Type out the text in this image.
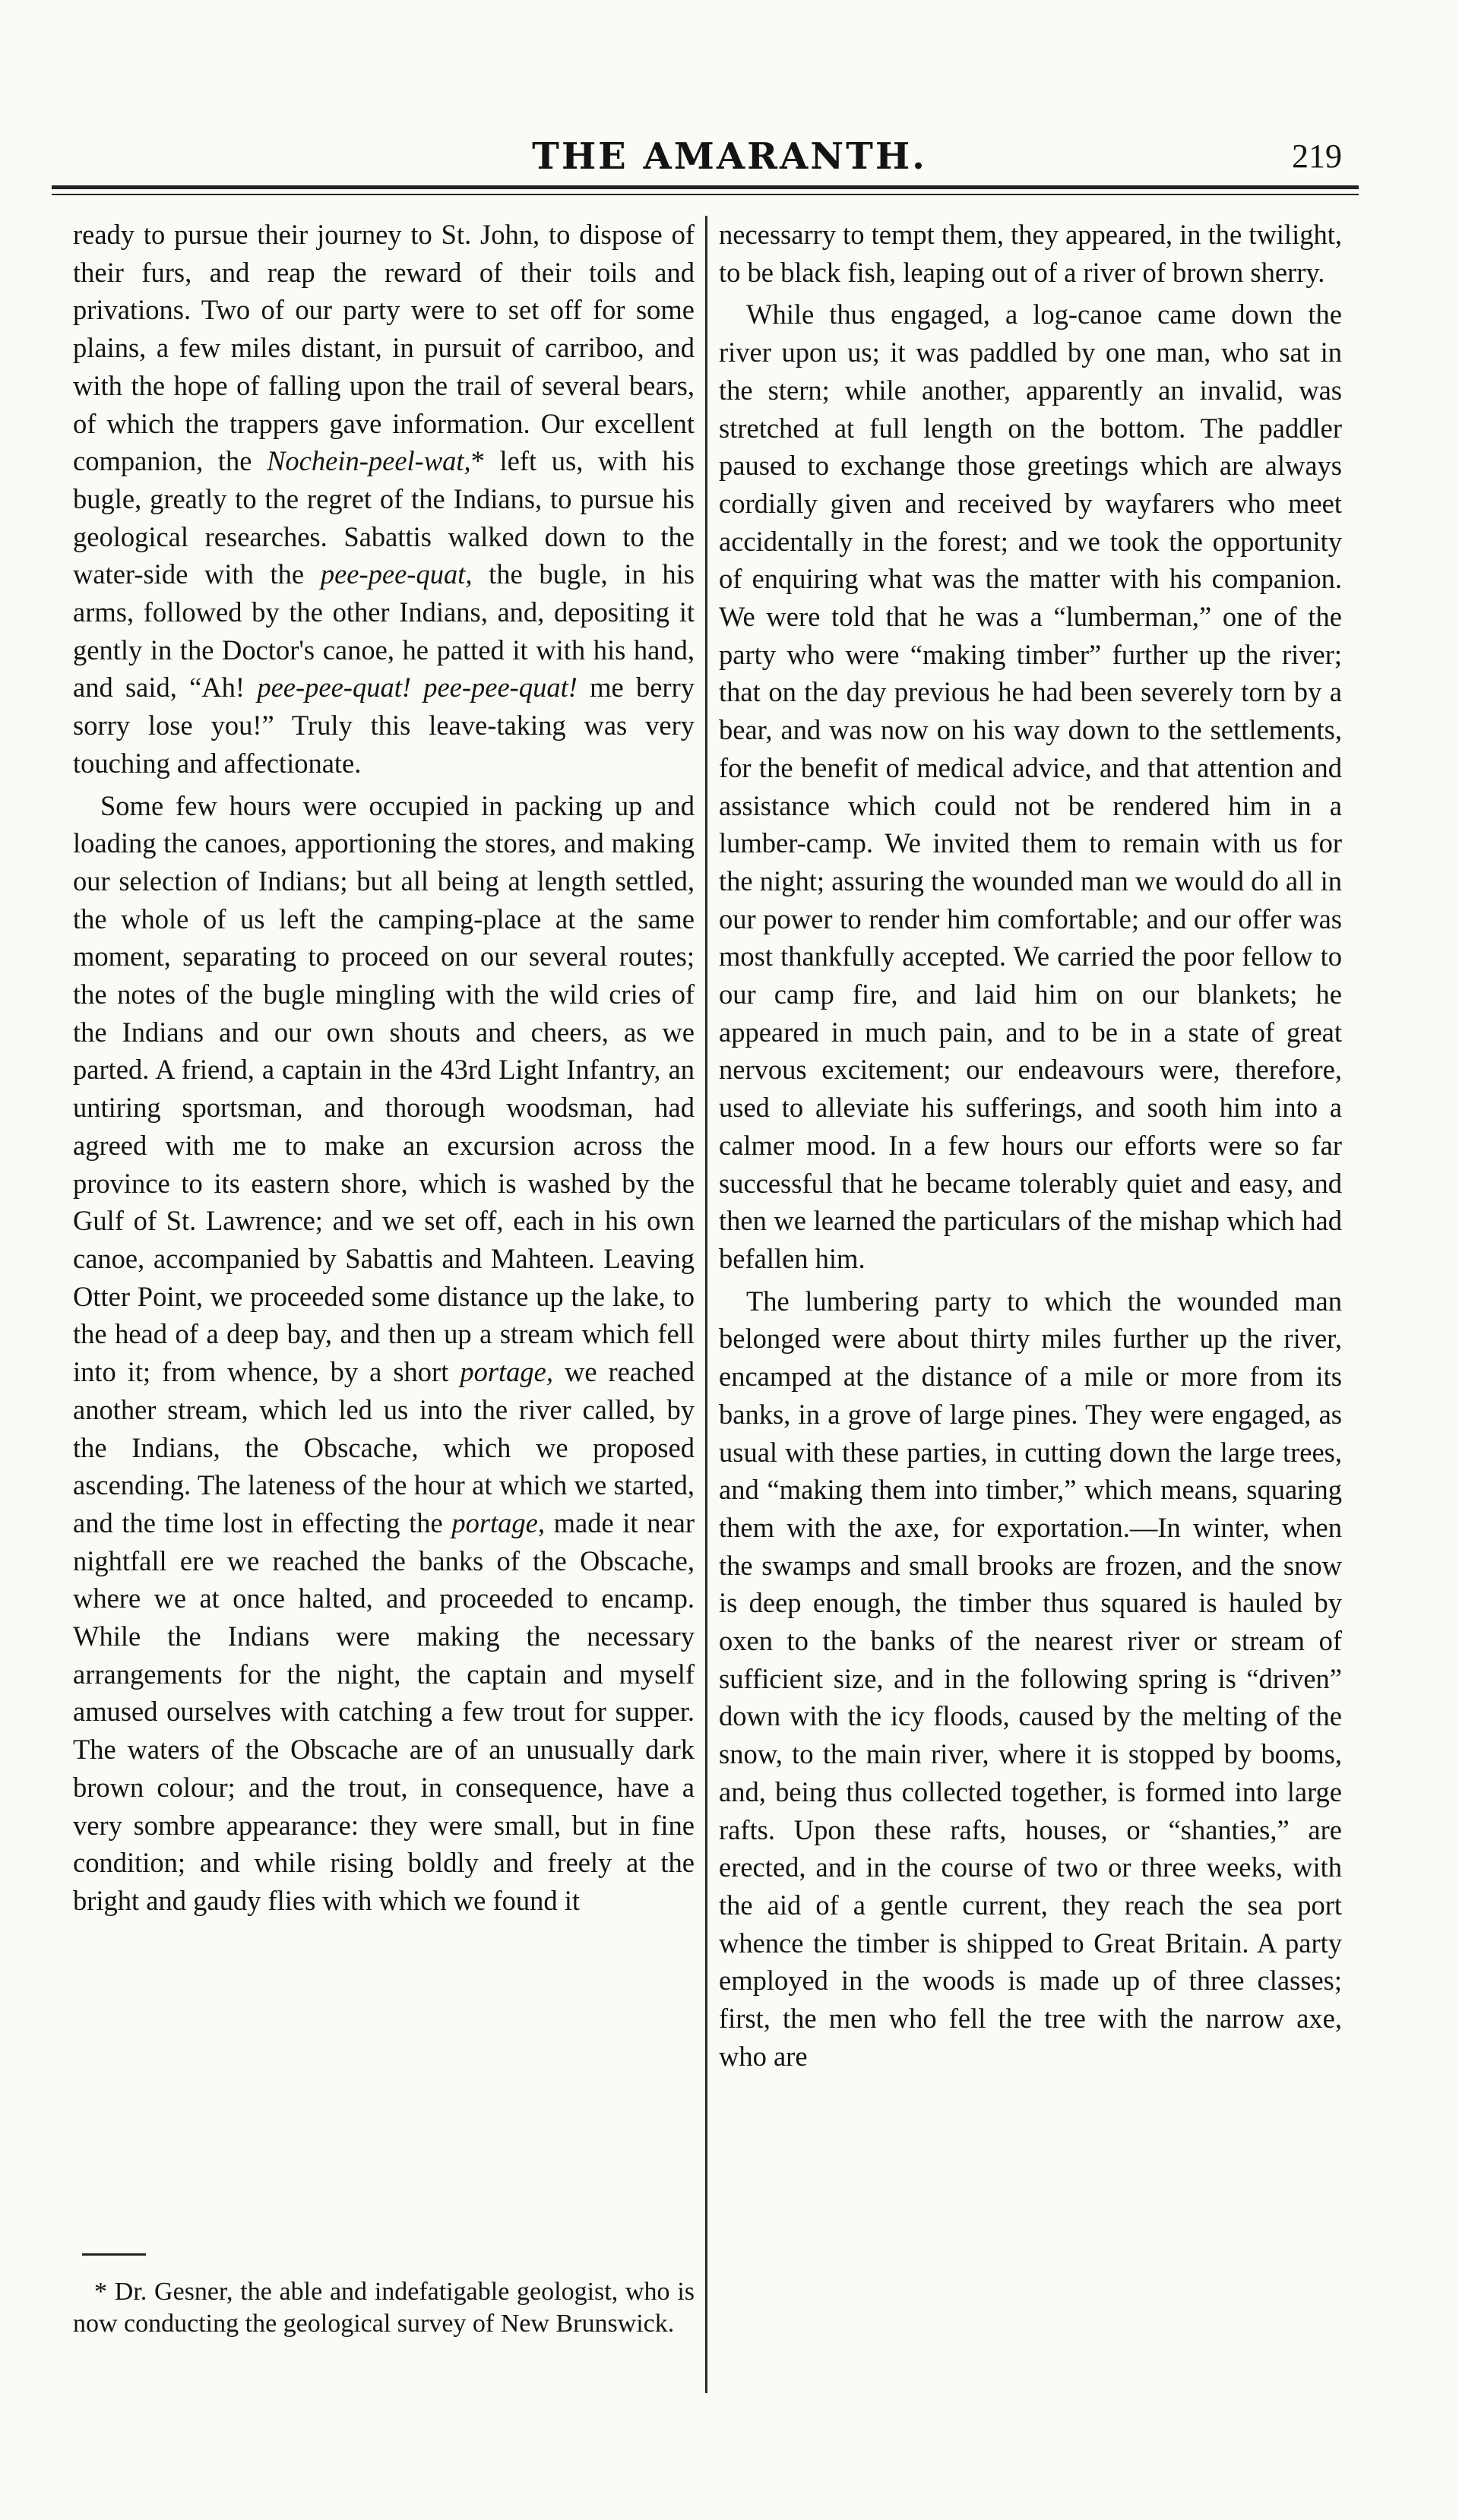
THE AMARANTH.	219

ready to pursue their journey to St. John, to dispose of their furs, and reap the reward of their toils and privations. Two of our party were to set off for some plains, a few miles distant, in pursuit of carriboo, and with the hope of falling upon the trail of several bears, of which the trappers gave information. Our excellent companion, the Nochein-peel-wat,* left us, with his bugle, greatly to the regret of the Indians, to pursue his geological researches. Sabattis walked down to the water-side with the pee-pee-quat, the bugle, in his arms, followed by the other Indians, and, depositing it gently in the Doctor's canoe, he patted it with his hand, and said, “Ah! pee-pee-quat! pee-pee-quat! me berry sorry lose you!” Truly this leave-taking was very touching and affectionate.

Some few hours were occupied in packing up and loading the canoes, apportioning the stores, and making our selection of Indians; but all being at length settled, the whole of us left the camping-place at the same moment, separating to proceed on our several routes; the notes of the bugle mingling with the wild cries of the Indians and our own shouts and cheers, as we parted. A friend, a captain in the 43rd Light Infantry, an untiring sportsman, and thorough woodsman, had agreed with me to make an excursion across the province to its eastern shore, which is washed by the Gulf of St. Lawrence; and we set off, each in his own canoe, accompanied by Sabattis and Mahteen. Leaving Otter Point, we proceeded some distance up the lake, to the head of a deep bay, and then up a stream which fell into it; from whence, by a short portage, we reached another stream, which led us into the river called, by the Indians, the Obscache, which we proposed ascending. The lateness of the hour at which we started, and the time lost in effecting the portage, made it near nightfall ere we reached the banks of the Obscache, where we at once halted, and proceeded to encamp. While the Indians were making the necessary arrangements for the night, the captain and myself amused ourselves with catching a few trout for supper. The waters of the Obscache are of an unusually dark brown colour; and the trout, in consequence, have a very sombre appearance: they were small, but in fine condition; and while rising boldly and freely at the bright and gaudy flies with which we found it

necessarry to tempt them, they appeared, in the twilight, to be black fish, leaping out of a river of brown sherry.

While thus engaged, a log-canoe came down the river upon us; it was paddled by one man, who sat in the stern; while another, apparently an invalid, was stretched at full length on the bottom. The paddler paused to exchange those greetings which are always cordially given and received by wayfarers who meet accidentally in the forest; and we took the opportunity of enquiring what was the matter with his companion. We were told that he was a “lumberman,” one of the party who were “making timber” further up the river; that on the day previous he had been severely torn by a bear, and was now on his way down to the settlements, for the benefit of medical advice, and that attention and assistance which could not be rendered him in a lumber-camp. We invited them to remain with us for the night; assuring the wounded man we would do all in our power to render him comfortable; and our offer was most thankfully accepted. We carried the poor fellow to our camp fire, and laid him on our blankets; he appeared in much pain, and to be in a state of great nervous excitement; our endeavours were, therefore, used to alleviate his sufferings, and sooth him into a calmer mood. In a few hours our efforts were so far successful that he became tolerably quiet and easy, and then we learned the particulars of the mishap which had befallen him.

The lumbering party to which the wounded man belonged were about thirty miles further up the river, encamped at the distance of a mile or more from its banks, in a grove of large pines. They were engaged, as usual with these parties, in cutting down the large trees, and “making them into timber,” which means, squaring them with the axe, for exportation.—In winter, when the swamps and small brooks are frozen, and the snow is deep enough, the timber thus squared is hauled by oxen to the banks of the nearest river or stream of sufficient size, and in the following spring is “driven” down with the icy floods, caused by the melting of the snow, to the main river, where it is stopped by booms, and, being thus collected together, is formed into large rafts. Upon these rafts, houses, or “shanties,” are erected, and in the course of two or three weeks, with the aid of a gentle current, they reach the sea port whence the timber is shipped to Great Britain. A party employed in the woods is made up of three classes; first, the men who fell the tree with the narrow axe, who are

* Dr. Gesner, the able and indefatigable geologist, who is now conducting the geological survey of New Brunswick.
